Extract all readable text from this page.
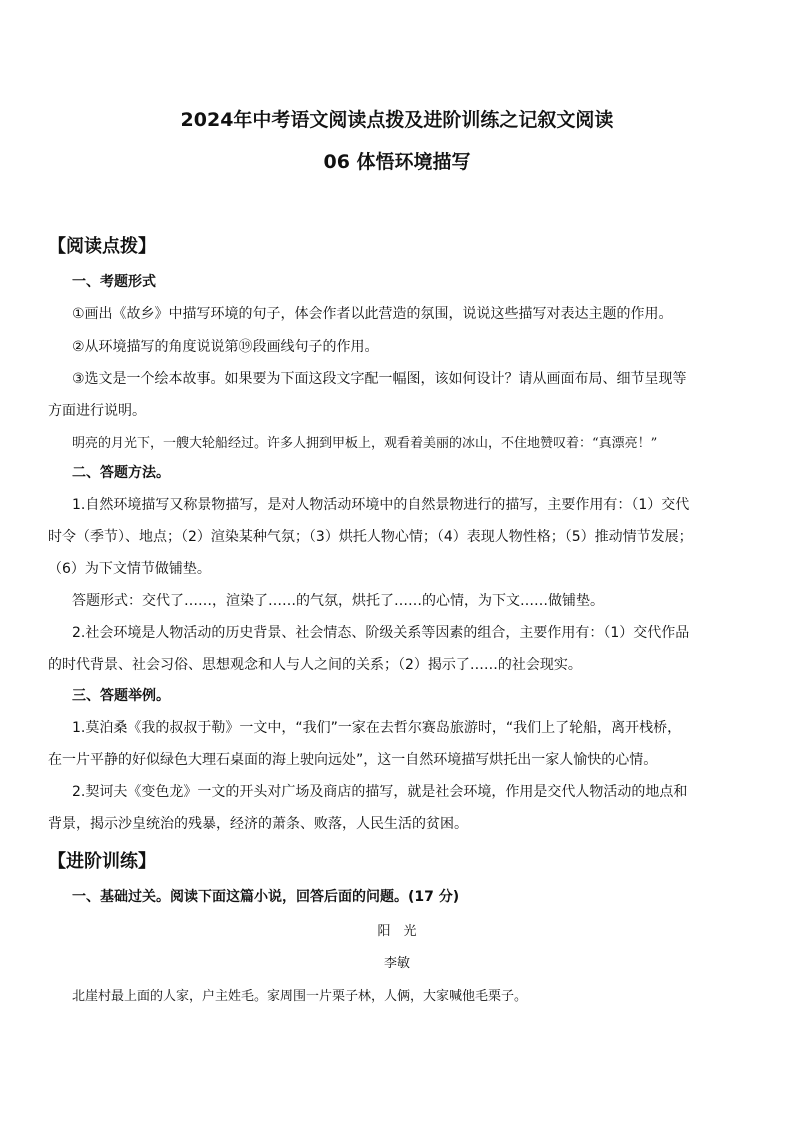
2024年中考语文阅读点拨及进阶训练之记叙文阅读
06 体悟环境描写
【阅读点拨】
一、考题形式
①画出《故乡》中描写环境的句子，体会作者以此营造的氛围，说说这些描写对表达主题的作用。
②从环境描写的角度说说第⑲段画线句子的作用。
③选文是一个绘本故事。如果要为下面这段文字配一幅图，该如何设计？请从画面布局、细节呈现等
方面进行说明。
明亮的月光下，一艘大轮船经过。许多人拥到甲板上，观看着美丽的冰山，不住地赞叹着：“真漂亮！”
二、答题方法。
1.自然环境描写又称景物描写，是对人物活动环境中的自然景物进行的描写，主要作用有：（1）交代
时令（季节）、地点；（2）渲染某种气氛；（3）烘托人物心情；（4）表现人物性格；（5）推动情节发展；
（6）为下文情节做铺垫。
答题形式：交代了……，渲染了……的气氛，烘托了……的心情，为下文……做铺垫。
2.社会环境是人物活动的历史背景、社会情态、阶级关系等因素的组合，主要作用有：（1）交代作品
的时代背景、社会习俗、思想观念和人与人之间的关系；（2）揭示了……的社会现实。
三、答题举例。
1.莫泊桑《我的叔叔于勒》一文中，“我们”一家在去哲尔赛岛旅游时，“我们上了轮船，离开栈桥，
在一片平静的好似绿色大理石桌面的海上驶向远处”，这一自然环境描写烘托出一家人愉快的心情。
2.契诃夫《变色龙》一文的开头对广场及商店的描写，就是社会环境，作用是交代人物活动的地点和
背景，揭示沙皇统治的残暴，经济的萧条、败落，人民生活的贫困。
【进阶训练】
一、基础过关。阅读下面这篇小说，回答后面的问题。(17 分)
阳　光
李敏
北崖村最上面的人家，户主姓毛。家周围一片栗子林，人俩，大家喊他毛栗子。
